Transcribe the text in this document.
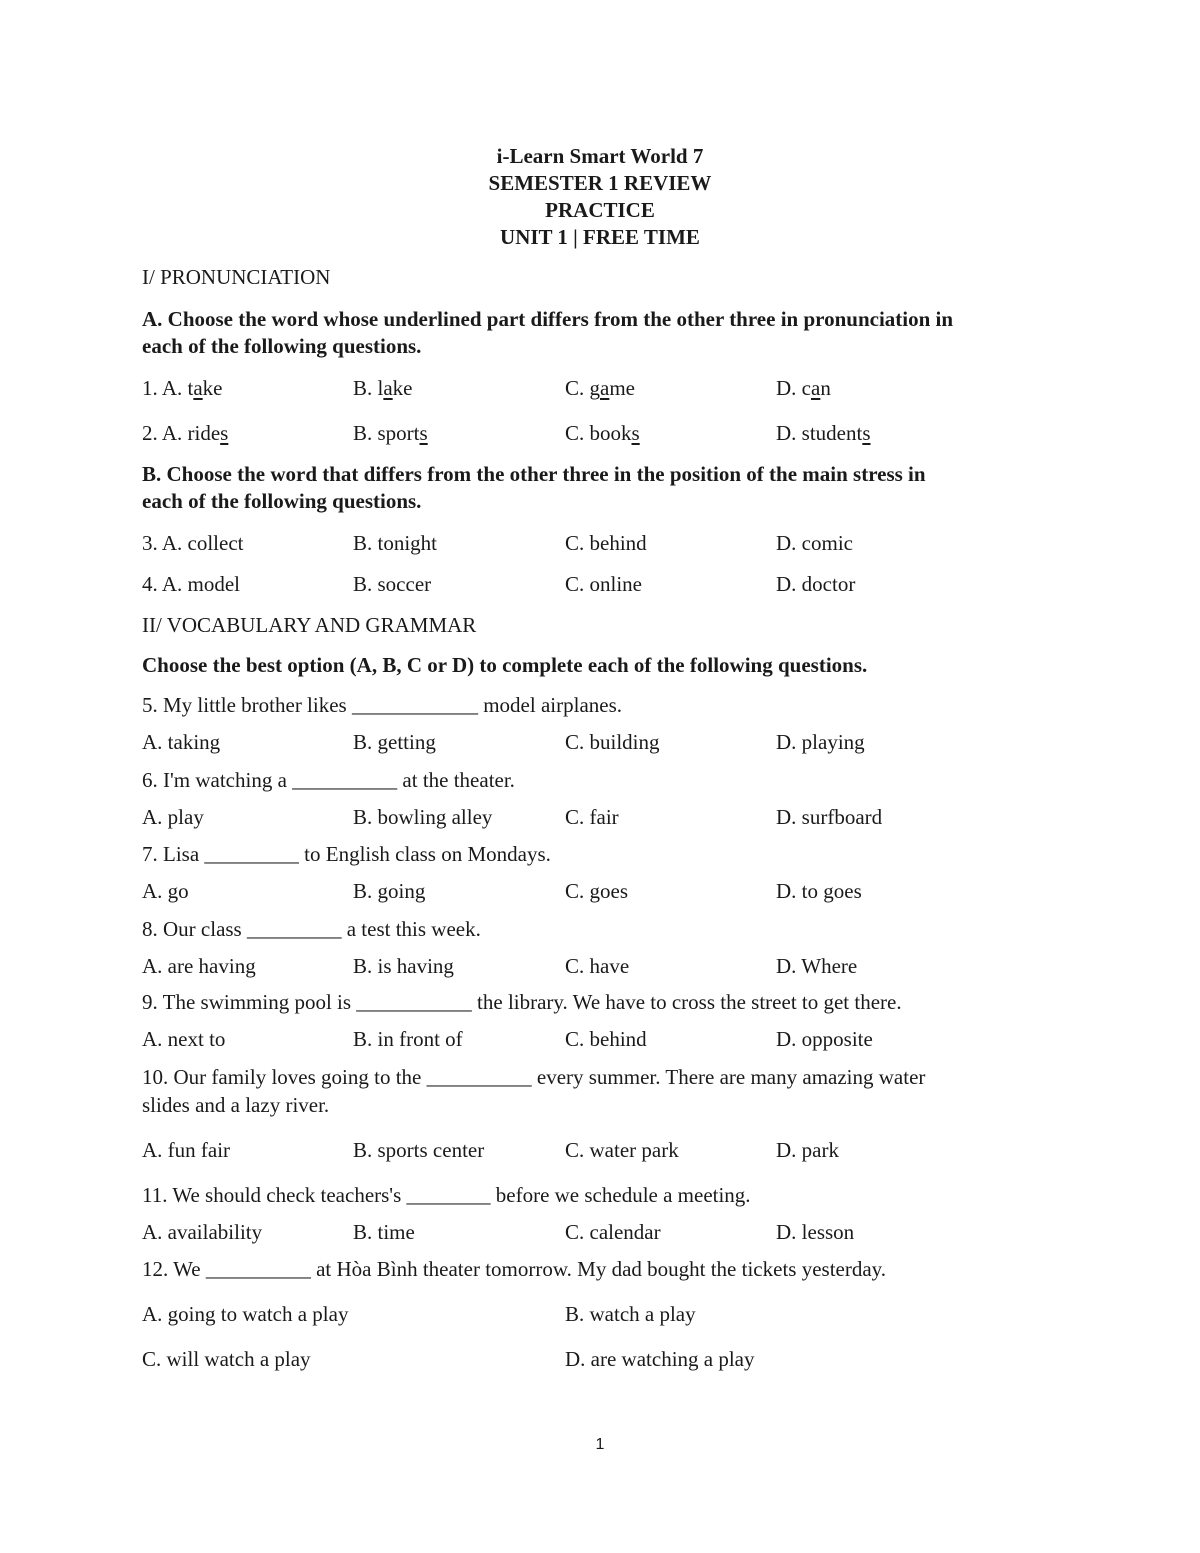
i-Learn Smart World 7
SEMESTER 1 REVIEW
PRACTICE
UNIT 1 | FREE TIME
I/ PRONUNCIATION
A. Choose the word whose underlined part differs from the other three in pronunciation in
each of the following questions.
1. A. take	B. lake	C. game	D. can
2. A. rides	B. sports	C. books	D. students
B. Choose the word that differs from the other three in the position of the main stress in
each of the following questions.
3. A. collect	B. tonight	C. behind	D. comic
4. A. model	B. soccer	C. online	D. doctor
II/ VOCABULARY AND GRAMMAR
Choose the best option (A, B, C or D) to complete each of the following questions.
5. My little brother likes ____________ model airplanes.
A. taking	B. getting	C. building	D. playing
6. I'm watching a __________ at the theater.
A. play	B. bowling alley	C. fair	D. surfboard
7. Lisa _________ to English class on Mondays.
A. go	B. going	C. goes	D. to goes
8. Our class _________ a test this week.
A. are having	B. is having	C. have	D. Where
9. The swimming pool is ___________ the library. We have to cross the street to get there.
A. next to	B. in front of	C. behind	D. opposite
10. Our family loves going to the __________ every summer. There are many amazing water
slides and a lazy river.
A. fun fair	B. sports center	C. water park	D. park
11. We should check teachers's ________ before we schedule a meeting.
A. availability	B. time	C. calendar	D. lesson
12. We __________ at Hòa Bình theater tomorrow. My dad bought the tickets yesterday.
A. going to watch a play	B. watch a play
C. will watch a play	D. are watching a play
1
